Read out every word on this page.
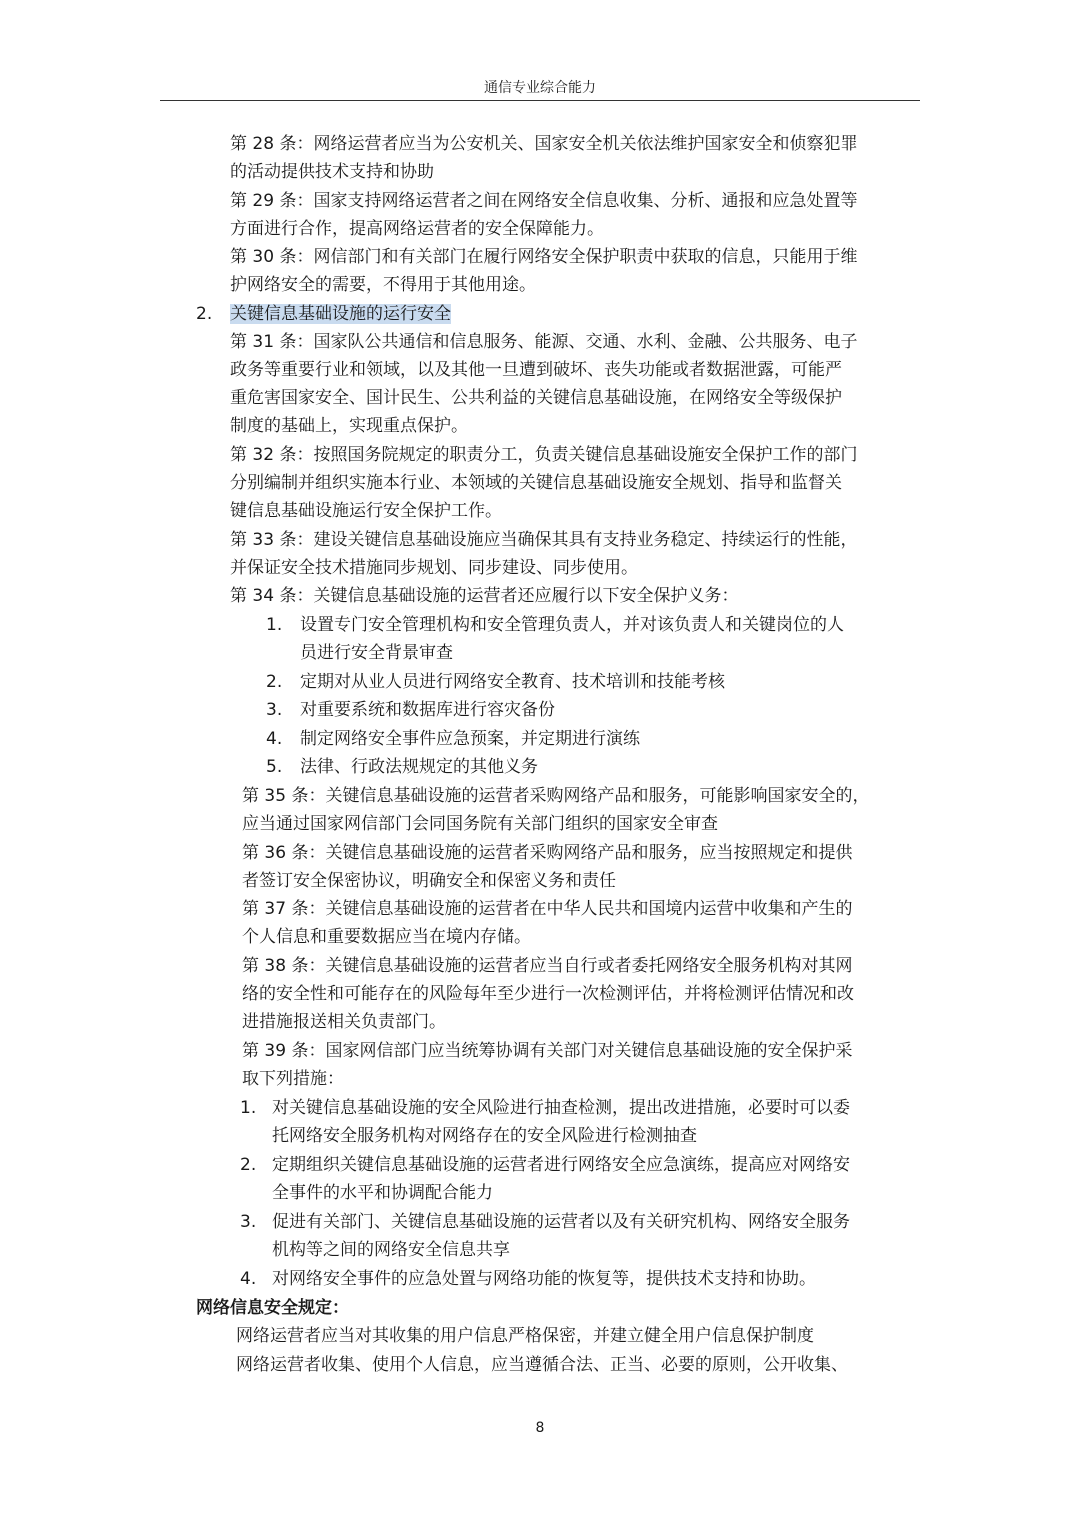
通信专业综合能力
第 28 条：网络运营者应当为公安机关、国家安全机关依法维护国家安全和侦察犯罪
的活动提供技术支持和协助
第 29 条：国家支持网络运营者之间在网络安全信息收集、分析、通报和应急处置等
方面进行合作，提高网络运营者的安全保障能力。
第 30 条：网信部门和有关部门在履行网络安全保护职责中获取的信息，只能用于维
护网络安全的需要，不得用于其他用途。
2. 关键信息基础设施的运行安全
第 31 条：国家队公共通信和信息服务、能源、交通、水利、金融、公共服务、电子
政务等重要行业和领域，以及其他一旦遭到破坏、丧失功能或者数据泄露，可能严
重危害国家安全、国计民生、公共利益的关键信息基础设施，在网络安全等级保护
制度的基础上，实现重点保护。
第 32 条：按照国务院规定的职责分工，负责关键信息基础设施安全保护工作的部门
分别编制并组织实施本行业、本领域的关键信息基础设施安全规划、指导和监督关
键信息基础设施运行安全保护工作。
第 33 条：建设关键信息基础设施应当确保其具有支持业务稳定、持续运行的性能，
并保证安全技术措施同步规划、同步建设、同步使用。
第 34 条：关键信息基础设施的运营者还应履行以下安全保护义务：
1. 设置专门安全管理机构和安全管理负责人，并对该负责人和关键岗位的人
员进行安全背景审查
2. 定期对从业人员进行网络安全教育、技术培训和技能考核
3. 对重要系统和数据库进行容灾备份
4. 制定网络安全事件应急预案，并定期进行演练
5. 法律、行政法规规定的其他义务
第 35 条：关键信息基础设施的运营者采购网络产品和服务，可能影响国家安全的，
应当通过国家网信部门会同国务院有关部门组织的国家安全审查
第 36 条：关键信息基础设施的运营者采购网络产品和服务，应当按照规定和提供
者签订安全保密协议，明确安全和保密义务和责任
第 37 条：关键信息基础设施的运营者在中华人民共和国境内运营中收集和产生的
个人信息和重要数据应当在境内存储。
第 38 条：关键信息基础设施的运营者应当自行或者委托网络安全服务机构对其网
络的安全性和可能存在的风险每年至少进行一次检测评估，并将检测评估情况和改
进措施报送相关负责部门。
第 39 条：国家网信部门应当统筹协调有关部门对关键信息基础设施的安全保护采
取下列措施：
1. 对关键信息基础设施的安全风险进行抽查检测，提出改进措施，必要时可以委
托网络安全服务机构对网络存在的安全风险进行检测抽查
2. 定期组织关键信息基础设施的运营者进行网络安全应急演练，提高应对网络安
全事件的水平和协调配合能力
3. 促进有关部门、关键信息基础设施的运营者以及有关研究机构、网络安全服务
机构等之间的网络安全信息共享
4. 对网络安全事件的应急处置与网络功能的恢复等，提供技术支持和协助。
网络信息安全规定：
网络运营者应当对其收集的用户信息严格保密，并建立健全用户信息保护制度
网络运营者收集、使用个人信息，应当遵循合法、正当、必要的原则，公开收集、
8
